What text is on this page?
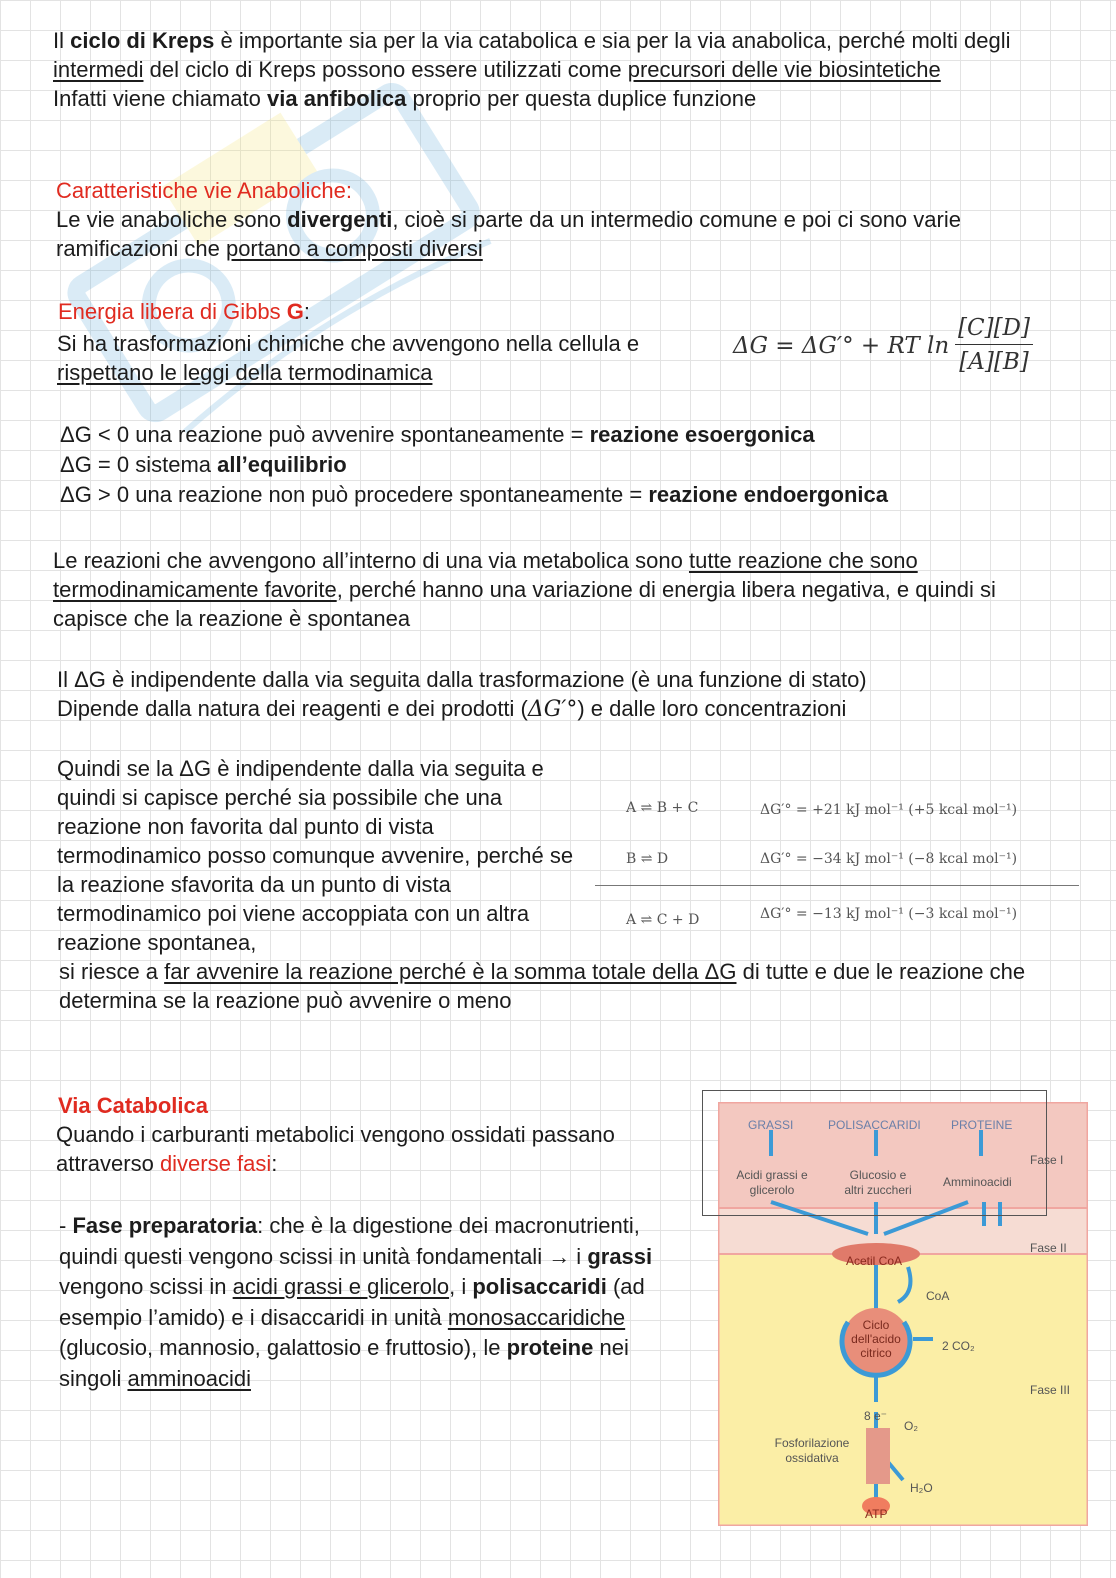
Il ciclo di Kreps è importante sia per la via catabolica e sia per la via anabolica, perché molti degli intermedi del ciclo di Kreps possono essere utilizzati come precursori delle vie biosintetiche
Infatti viene chiamato via anfibolica proprio per questa duplice funzione
Caratteristiche vie Anaboliche:
Le vie anaboliche sono divergenti, cioè si parte da un intermedio comune e poi ci sono varie ramificazioni che portano a composti diversi
Energia libera di Gibbs G:
Si ha trasformazioni chimiche che avvengono nella cellula e rispettano le leggi della termodinamica
ΔG = ΔG′° + RT $\ln \frac{[C][D]}{[A][B]}$
ΔG < 0 una reazione può avvenire spontaneamente = reazione esoergonica
ΔG = 0 sistema all’equilibrio
ΔG > 0 una reazione non può procedere spontaneamente = reazione endoergonica
Le reazioni che avvengono all’interno di una via metabolica sono tutte reazione che sono termodinamicamente favorite, perché hanno una variazione di energia libera negativa, e quindi si capisce che la reazione è spontanea
Il ΔG è indipendente dalla via seguita dalla trasformazione (è una funzione di stato)
Dipende dalla natura dei reagenti e dei prodotti (ΔG′°) e dalle loro concentrazioni
Quindi se la ΔG è indipendente dalla via seguita e quindi si capisce perché sia possibile che una reazione non favorita dal punto di vista termodinamico posso comunque avvenire, perché se la reazione sfavorita da un punto di vista termodinamico poi viene accoppiata con un altra reazione spontanea,
si riesce a far avvenire la reazione perché è la somma totale della ΔG di tutte e due le reazione che determina se la reazione può avvenire o meno
A ⇌ B + C	ΔG′° = +21 kJ mol⁻¹ (+5 kcal mol⁻¹)
B ⇌ D	ΔG′° = −34 kJ mol⁻¹ (−8 kcal mol⁻¹)
A ⇌ C + D	ΔG′° = −13 kJ mol⁻¹ (−3 kcal mol⁻¹)
Via Catabolica
Quando i carburanti metabolici vengono ossidati passano attraverso diverse fasi:
- Fase preparatoria: che è la digestione dei macronutrienti, quindi questi vengono scissi in unità fondamentali → i grassi vengono scissi in acidi grassi e glicerolo, i polisaccaridi (ad esempio l’amido) e i disaccaridi in unità monosaccaridiche (glucosio, mannosio, galattosio e fruttosio), le proteine nei singoli amminoacidi
GRASSI	POLISACCARIDI	PROTEINE
Acidi grassi e
glicerolo
Glucosio e
altri zuccheri
Amminoacidi
Fase I
Fase II
Fase III
Acetil CoA
CoA
Ciclo
dell'acido
citrico	2 CO₂
8 e⁻
O₂
Fosforilazione
ossidativa
H₂O
ATP
